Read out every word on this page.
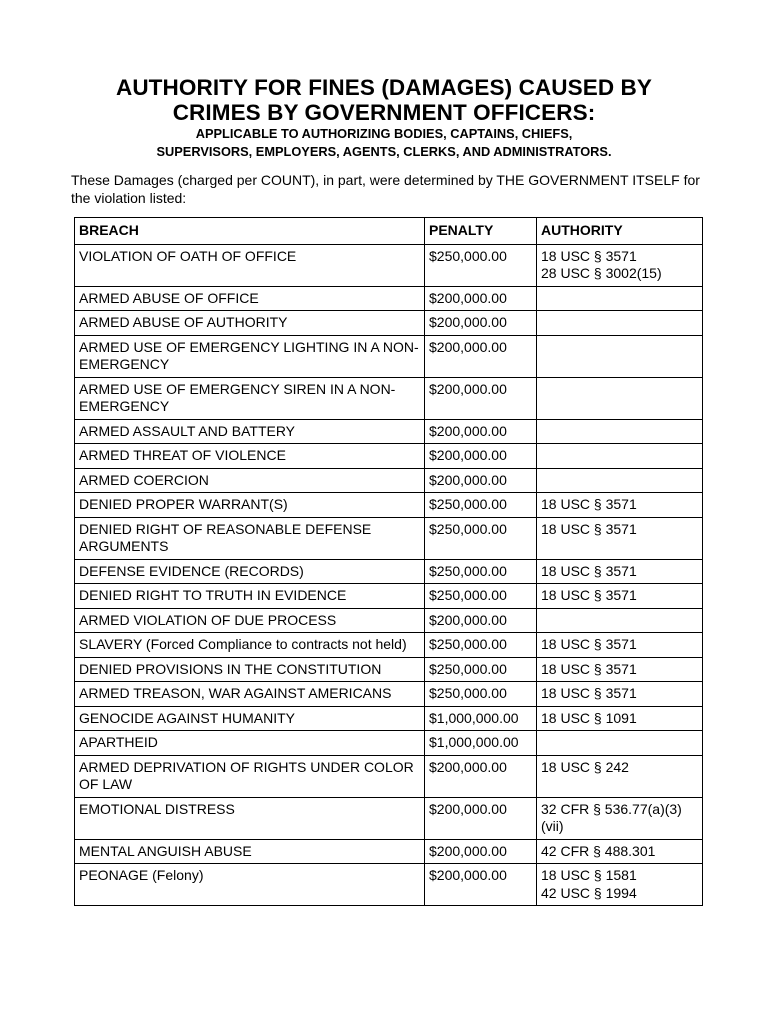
AUTHORITY FOR FINES (DAMAGES) CAUSED BY
CRIMES BY GOVERNMENT OFFICERS:
APPLICABLE TO AUTHORIZING BODIES, CAPTAINS, CHIEFS,
SUPERVISORS, EMPLOYERS, AGENTS, CLERKS, AND ADMINISTRATORS.
These Damages (charged per COUNT), in part, were determined by THE GOVERNMENT ITSELF for the violation listed:
BREACH	PENALTY	AUTHORITY
VIOLATION OF OATH OF OFFICE	$250,000.00	18 USC § 3571
28 USC § 3002(15)

ARMED ABUSE OF OFFICE	$200,000.00	
ARMED ABUSE OF AUTHORITY	$200,000.00	
ARMED USE OF EMERGENCY LIGHTING IN A NON-EMERGENCY	$200,000.00	
ARMED USE OF EMERGENCY SIREN IN A NON-EMERGENCY	$200,000.00	
ARMED ASSAULT AND BATTERY	$200,000.00	
ARMED THREAT OF VIOLENCE	$200,000.00	
ARMED COERCION	$200,000.00	
DENIED PROPER WARRANT(S)	$250,000.00	18 USC § 3571

DENIED RIGHT OF REASONABLE DEFENSE ARGUMENTS	$250,000.00	18 USC § 3571

DEFENSE EVIDENCE (RECORDS)	$250,000.00	18 USC § 3571

DENIED RIGHT TO TRUTH IN EVIDENCE	$250,000.00	18 USC § 3571

ARMED VIOLATION OF DUE PROCESS	$200,000.00	
SLAVERY (Forced Compliance to contracts not held)	$250,000.00	18 USC § 3571

DENIED PROVISIONS IN THE CONSTITUTION	$250,000.00	18 USC § 3571

ARMED TREASON, WAR AGAINST AMERICANS	$250,000.00	18 USC § 3571

GENOCIDE AGAINST HUMANITY	$1,000,000.00	18 USC § 1091

APARTHEID	$1,000,000.00	
ARMED DEPRIVATION OF RIGHTS UNDER COLOR OF LAW	$200,000.00	18 USC § 242

EMOTIONAL DISTRESS	$200,000.00	32 CFR § 536.77(a)(3)(vii)

MENTAL ANGUISH ABUSE	$200,000.00	42 CFR § 488.301

PEONAGE (Felony)	$200,000.00	18 USC § 1581
42 USC § 1994
